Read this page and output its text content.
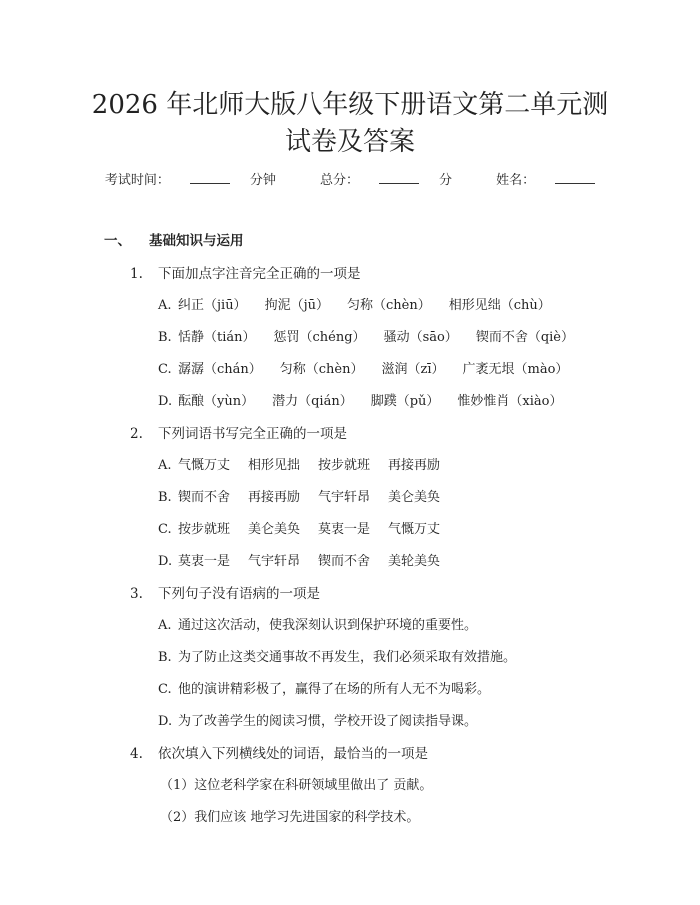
2026 年北师大版八年级下册语文第二单元测
试卷及答案
考试时间：	分钟	总分：	分	姓名：
一、 基础知识与运用
1. 下面加点字注音完全正确的一项是
A. 纠正（jiū） 拘泥（jū） 匀称（chèn） 相形见绌（chù）
B. 恬静（tián） 惩罚（chéng） 骚动（sāo） 锲而不舍（qiè）
C. 潺潺（chán） 匀称（chèn） 滋润（zī） 广袤无垠（mào）
D. 酝酿（yùn） 潜力（qián） 脚蹼（pǔ） 惟妙惟肖（xiào）
2. 下列词语书写完全正确的一项是
A. 气慨万丈 相形见拙 按步就班 再接再励
B. 锲而不舍 再接再励 气宇轩昂 美仑美奂
C. 按步就班 美仑美奂 莫衷一是 气慨万丈
D. 莫衷一是 气宇轩昂 锲而不舍 美轮美奂
3. 下列句子没有语病的一项是
A. 通过这次活动，使我深刻认识到保护环境的重要性。
B. 为了防止这类交通事故不再发生，我们必须采取有效措施。
C. 他的演讲精彩极了，赢得了在场的所有人无不为喝彩。
D. 为了改善学生的阅读习惯，学校开设了阅读指导课。
4. 依次填入下列横线处的词语，最恰当的一项是
（1）这位老科学家在科研领域里做出了 贡献。
（2）我们应该 地学习先进国家的科学技术。
